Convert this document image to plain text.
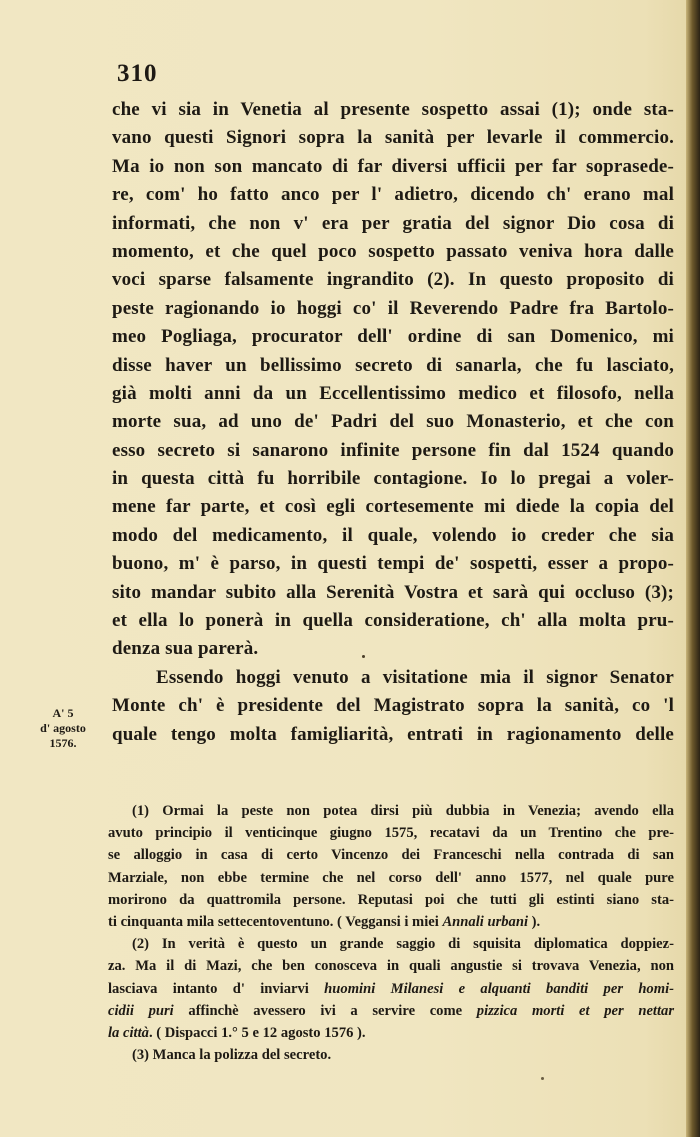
310
che vi sia in Venetia al presente sospetto assai (1); onde sta-
vano questi Signori sopra la sanità per levarle il commercio.
Ma io non son mancato di far diversi ufficii per far soprasede-
re, com' ho fatto anco per l' adietro, dicendo ch' erano mal
informati, che non v' era per gratia del signor Dio cosa di
momento, et che quel poco sospetto passato veniva hora dalle
voci sparse falsamente ingrandito (2). In questo proposito di
peste ragionando io hoggi co' il Reverendo Padre fra Bartolo-
meo Pogliaga, procurator dell' ordine di san Domenico, mi
disse haver un bellissimo secreto di sanarla, che fu lasciato,
già molti anni da un Eccellentissimo medico et filosofo, nella
morte sua, ad uno de' Padri del suo Monasterio, et che con
esso secreto si sanarono infinite persone fin dal 1524 quando
in questa città fu horribile contagione. Io lo pregai a voler-
mene far parte, et così egli cortesemente mi diede la copia del
modo del medicamento, il quale, volendo io creder che sia
buono, m' è parso, in questi tempi de' sospetti, esser a propo-
sito mandar subito alla Serenità Vostra et sarà qui occluso (3);
et ella lo ponerà in quella consideratione, ch' alla molta pru-
denza sua parerà.
Essendo hoggi venuto a visitatione mia il signor Senator
Monte ch' è presidente del Magistrato sopra la sanità, co 'l
quale tengo molta famigliarità, entrati in ragionamento delle
A' 5
d' agosto
1576.
(1) Ormai la peste non potea dirsi più dubbia in Venezia; avendo ella
avuto principio il venticinque giugno 1575, recatavi da un Trentino che pre-
se alloggio in casa di certo Vincenzo dei Franceschi nella contrada di san
Marziale, non ebbe termine che nel corso dell' anno 1577, nel quale pure
morirono da quattromila persone. Reputasi poi che tutti gli estinti siano sta-
ti cinquanta mila settecentoventuno. ( Veggansi i miei Annali urbani ).
(2) In verità è questo un grande saggio di squisita diplomatica doppiez-
za. Ma il di Mazi, che ben conosceva in quali angustie si trovava Venezia, non
lasciava intanto d' inviarvi huomini Milanesi e alquanti banditi per homi-
cidii puri affinchè avessero ivi a servire come pizzica morti et per nettar
la città. ( Dispacci 1.° 5 e 12 agosto 1576 ).
(3) Manca la polizza del secreto.
